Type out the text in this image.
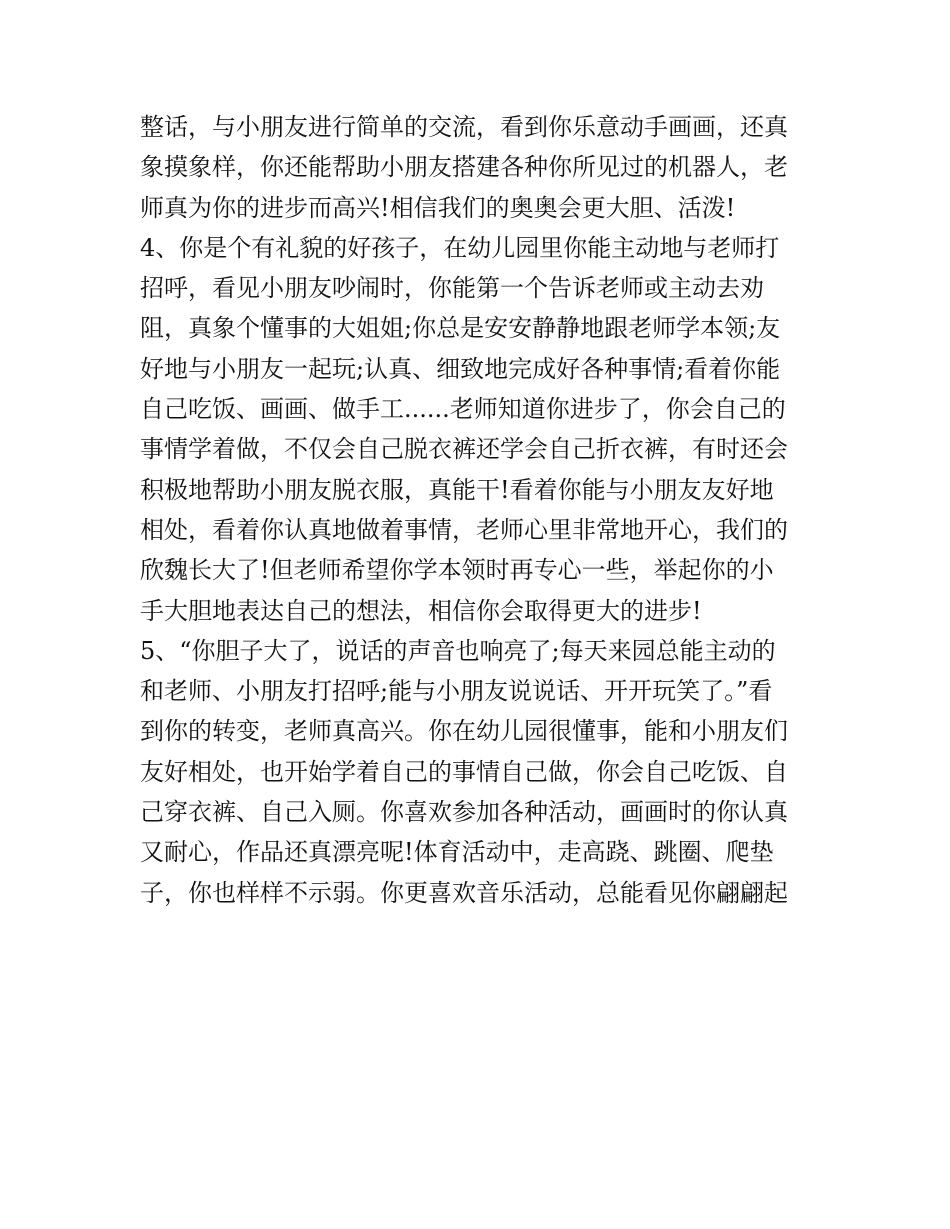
整话，与小朋友进行简单的交流，看到你乐意动手画画，还真
象摸象样，你还能帮助小朋友搭建各种你所见过的机器人，老
师真为你的进步而高兴!相信我们的奥奥会更大胆、活泼!
4、你是个有礼貌的好孩子，在幼儿园里你能主动地与老师打
招呼，看见小朋友吵闹时，你能第一个告诉老师或主动去劝
阻，真象个懂事的大姐姐;你总是安安静静地跟老师学本领;友
好地与小朋友一起玩;认真、细致地完成好各种事情;看着你能
自己吃饭、画画、做手工......老师知道你进步了，你会自己的
事情学着做，不仅会自己脱衣裤还学会自己折衣裤，有时还会
积极地帮助小朋友脱衣服，真能干!看着你能与小朋友友好地
相处，看着你认真地做着事情，老师心里非常地开心，我们的
欣魏长大了!但老师希望你学本领时再专心一些，举起你的小
手大胆地表达自己的想法，相信你会取得更大的进步!
5、“你胆子大了，说话的声音也响亮了;每天来园总能主动的
和老师、小朋友打招呼;能与小朋友说说话、开开玩笑了。”看
到你的转变，老师真高兴。你在幼儿园很懂事，能和小朋友们
友好相处，也开始学着自己的事情自己做，你会自己吃饭、自
己穿衣裤、自己入厕。你喜欢参加各种活动，画画时的你认真
又耐心，作品还真漂亮呢!体育活动中，走高跷、跳圈、爬垫
子，你也样样不示弱。你更喜欢音乐活动，总能看见你翩翩起
